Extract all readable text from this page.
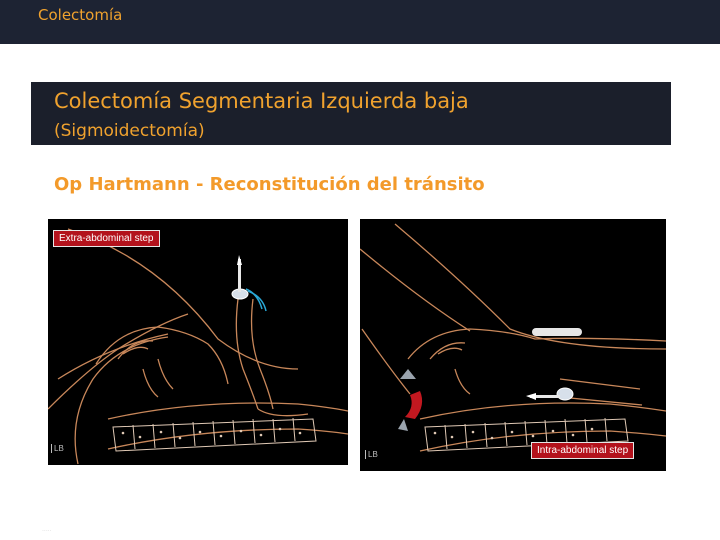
Colectomía
Colectomía Segmentaria Izquierda baja
(Sigmoidectomía)
Op Hartmann - Reconstitución del tránsito
Extra-abdominal step
LB	Intra-abdominal step
LB
.....
